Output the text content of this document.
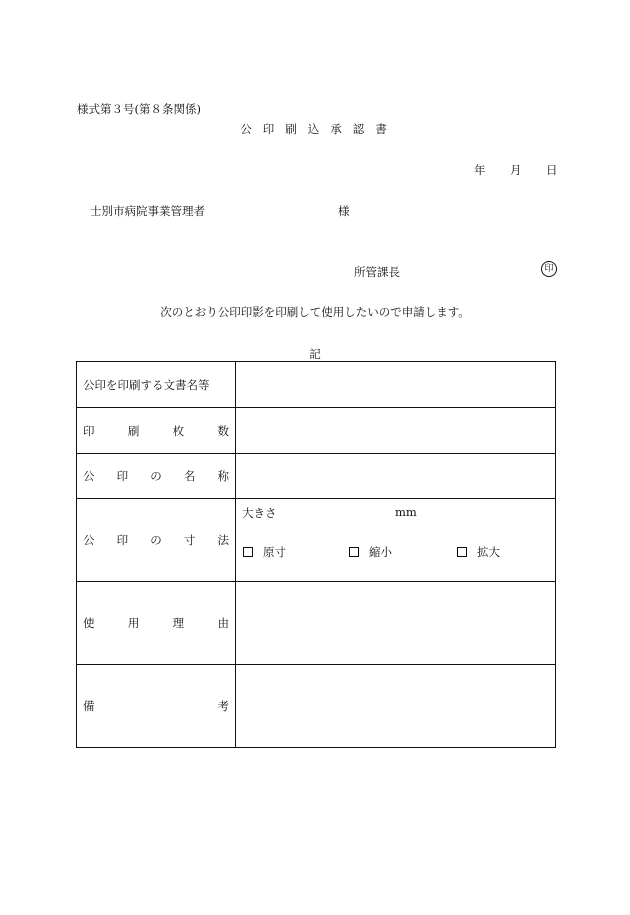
様式第３号(第８条関係)
公印刷込承認書
年 月 日
士別市病院事業管理者	様
所管課長	印
次のとおり公印印影を印刷して使用したいので申請します。
記
公印を印刷する文書名等	

印 刷 枚 数	

公 印 の 名 称	

公 印 の 寸 法	大きさ mm
原寸 縮小 拡大

使 用 理 由	

備 考	
